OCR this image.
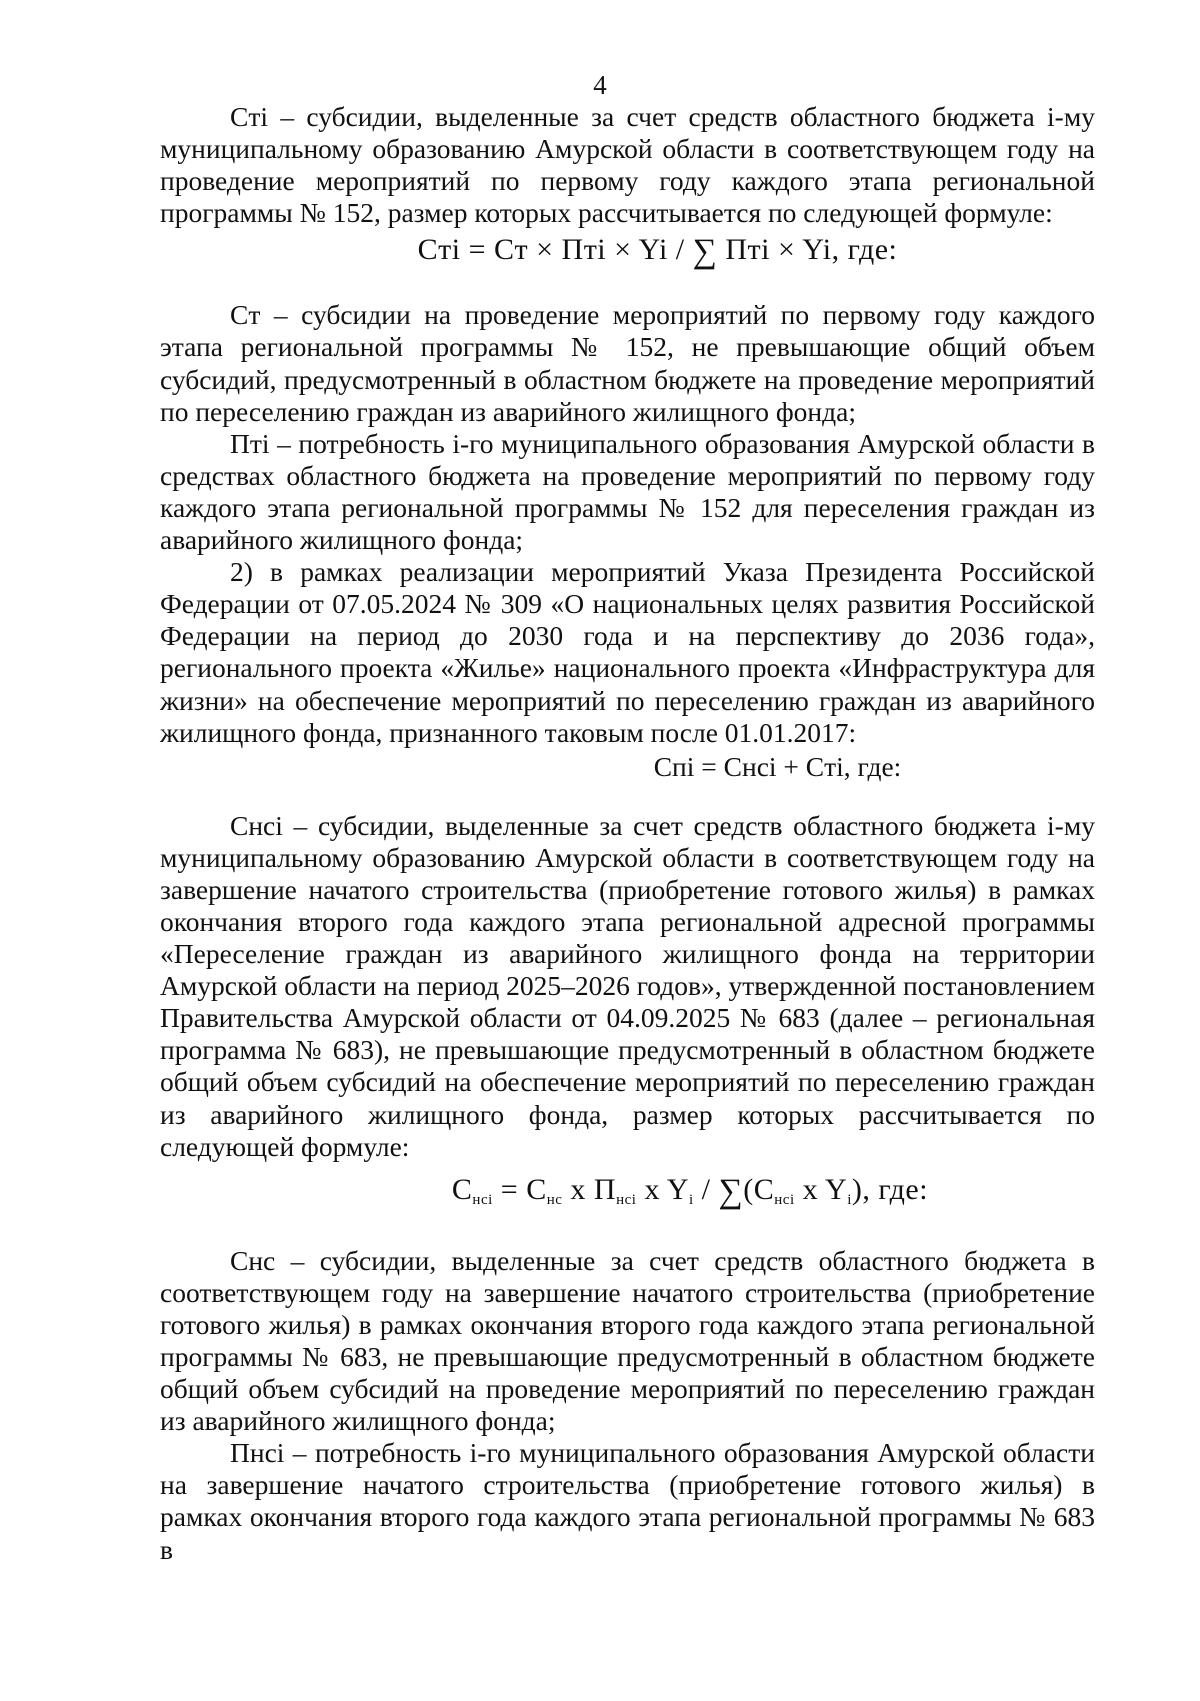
4

Cтi – субсидии, выделенные за счет средств областного бюджета i-му муниципальному образованию Амурской области в соответствующем году на проведение мероприятий по первому году каждого этапа региональной программы № 152, размер которых рассчитывается по следующей формуле:

Cтi = Cт × Птi × Yi / ∑ Птi × Yi, где:

Cт – субсидии на проведение мероприятий по первому году каждого этапа региональной программы № 152, не превышающие общий объем субсидий, предусмотренный в областном бюджете на проведение мероприятий по переселению граждан из аварийного жилищного фонда;

Птi – потребность i-го муниципального образования Амурской области в средствах областного бюджета на проведение мероприятий по первому году каждого этапа региональной программы № 152 для переселения граждан из аварийного жилищного фонда;

2) в рамках реализации мероприятий Указа Президента Российской Федерации от 07.05.2024 № 309 «О национальных целях развития Российской Федерации на период до 2030 года и на перспективу до 2036 года», регионального проекта «Жилье» национального проекта «Инфраструктура для жизни» на обеспечение мероприятий по переселению граждан из аварийного жилищного фонда, признанного таковым после 01.01.2017:

Cпi = Cнсi + Cтi, где:

Cнсi – субсидии, выделенные за счет средств областного бюджета i-му муниципальному образованию Амурской области в соответствующем году на завершение начатого строительства (приобретение готового жилья) в рамках окончания второго года каждого этапа региональной адресной программы «Переселение граждан из аварийного жилищного фонда на территории Амурской области на период 2025–2026 годов», утвержденной постановлением Правительства Амурской области от 04.09.2025 № 683 (далее – региональная программа № 683), не превышающие предусмотренный в областном бюджете общий объем субсидий на обеспечение мероприятий по переселению граждан из аварийного жилищного фонда, размер которых рассчитывается по следующей формуле:

$C_{нсi} = C_{нс}$ x $П_{нсi}$ x $Y_i / \sum(C_{нсi}$ x $Y_i$), где:

Cнс – субсидии, выделенные за счет средств областного бюджета в соответствующем году на завершение начатого строительства (приобретение готового жилья) в рамках окончания второго года каждого этапа региональной программы № 683, не превышающие предусмотренный в областном бюджете общий объем субсидий на проведение мероприятий по переселению граждан из аварийного жилищного фонда;

Пнсi – потребность i-го муниципального образования Амурской области на завершение начатого строительства (приобретение готового жилья) в рамках окончания второго года каждого этапа региональной программы № 683 в
